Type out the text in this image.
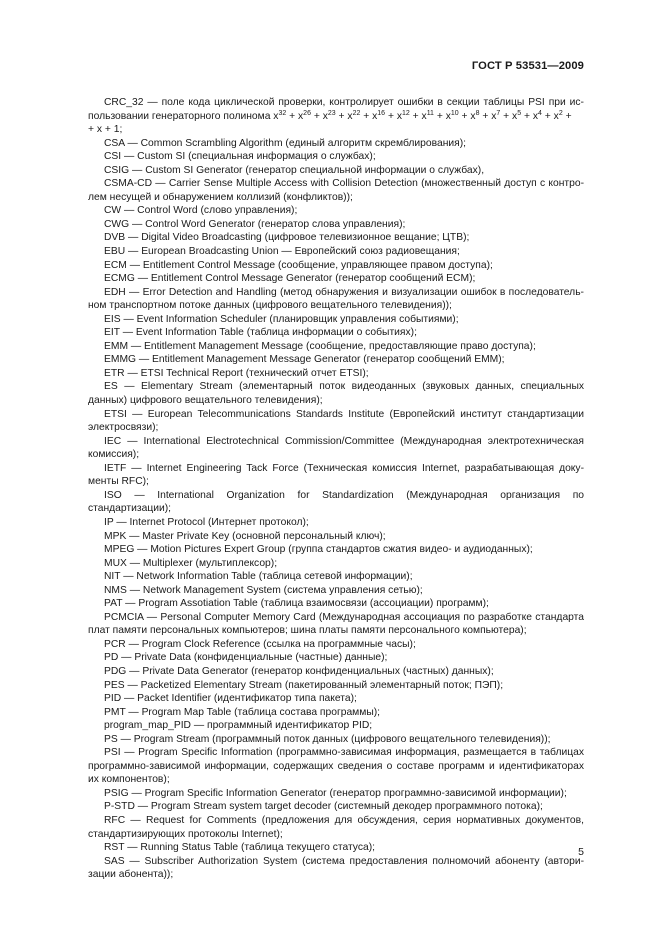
ГОСТ Р 53531—2009

CRC_32 — поле кода циклической проверки, контролирует ошибки в секции таблицы PSI при ис-

пользовании генераторного полинома $x^{32} + x^{26} + x^{23} + x^{22} + x^{16} + x^{12} + x^{11} + x^{10} + x^8 + x^7 + x^5 + x^4 + x^2$ +
+ x + 1;

CSA — Common Scrambling Algorithm (единый алгоритм скремблирования);

CSI — Custom SI (специальная информация о службах);

CSIG — Custom SI Generator (генератор специальной информации о службах),

CSMA-CD — Carrier Sense Multiple Access with Collision Detection (множественный доступ с контро-лем несущей и обнаружением коллизий (конфликтов));

CW — Control Word (слово управления);

CWG — Control Word Generator (генератор слова управления);

DVB — Digital Video Broadcasting (цифровое телевизионное вещание; ЦТВ);

EBU — European Broadcasting Union — Европейский союз радиовещания;

ECM — Entitlement Control Message (сообщение, управляющее правом доступа);

ECMG — Entitlement Control Message Generator (генератор сообщений ECM);

EDH — Error Detection and Handling (метод обнаружения и визуализации ошибок в последователь-ном транспортном потоке данных (цифрового вещательного телевидения));

EIS — Event Information Scheduler (планировщик управления событиями);

EIT — Event Information Table (таблица информации о событиях);

EMM — Entitlement Management Message (сообщение, предоставляющие право доступа);

EMMG — Entitlement Management Message Generator (генератор сообщений EMM);

ETR — ETSI Technical Report (технический отчет ETSI);

ES — Elementary Stream (элементарный поток видеоданных (звуковых данных, специальных данных) цифрового вещательного телевидения);

ETSI — European Telecommunications Standards Institute (Европейский институт стандартизации электросвязи);

IEC — International Electrotechnical Commission/Committee (Международная электротехническая комиссия);

IETF — Internet Engineering Tack Force (Техническая комиссия Internet, разрабатывающая доку-менты RFC);

ISO — International Organization for Standardization (Международная организация по стандартизации);

IP — Internet Protocol (Интернет протокол);

MPK — Master Private Key (основной персональный ключ);

MPEG — Motion Pictures Expert Group (группа стандартов сжатия видео- и аудиоданных);

MUX — Multiplexer (мультиплексор);

NIT — Network Information Table (таблица сетевой информации);

NMS — Network Management System (система управления сетью);

PAT — Program Assotiation Table (таблица взаимосвязи (ассоциации) программ);

PCMCIA — Personal Computer Memory Card (Международная ассоциация по разработке стандарта плат памяти персональных компьютеров; шина платы памяти персонального компьютера);

PCR — Program Clock Reference (ссылка на программные часы);

PD — Private Data (конфиденциальные (частные) данные);

PDG — Private Data Generator (генератор конфиденциальных (частных) данных);

PES — Packetized Elementary Stream (пакетированный элементарный поток; ПЭП);

PID — Packet Identifier (идентификатор типа пакета);

PMT — Program Map Table (таблица состава программы);

program_map_PID — программный идентификатор PID;

PS — Program Stream (программный поток данных (цифрового вещательного телевидения));

PSI — Program Specific Information (программно-зависимая информация, размещается в таблицах программно-зависимой информации, содержащих сведения о составе программ и идентификаторах их компонентов);

PSIG — Program Specific Information Generator (генератор программно-зависимой информации);

P-STD — Program Stream system target decoder (системный декодер программного потока);

RFC — Request for Comments (предложения для обсуждения, серия нормативных документов, стандартизирующих протоколы Internet);

RST — Running Status Table (таблица текущего статуса);

SAS — Subscriber Authorization System (система предоставления полномочий абоненту (автори-зации абонента));

5
